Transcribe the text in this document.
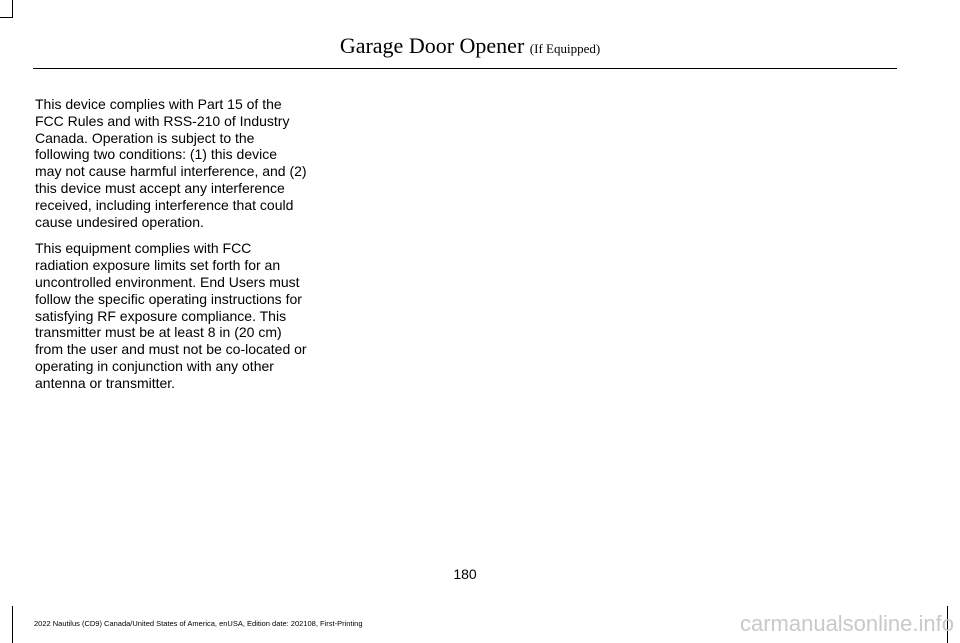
Garage Door Opener (If Equipped)

This device complies with Part 15 of the FCC Rules and with RSS-210 of Industry Canada. Operation is subject to the following two conditions: (1) this device may not cause harmful interference, and (2) this device must accept any interference received, including interference that could cause undesired operation.

This equipment complies with FCC radiation exposure limits set forth for an uncontrolled environment. End Users must follow the specific operating instructions for satisfying RF exposure compliance. This transmitter must be at least 8 in (20 cm) from the user and must not be co-located or operating in conjunction with any other antenna or transmitter.

180
2022 Nautilus (CD9) Canada/United States of America, enUSA, Edition date: 202108, First-Printing	carmanualsonline.info
